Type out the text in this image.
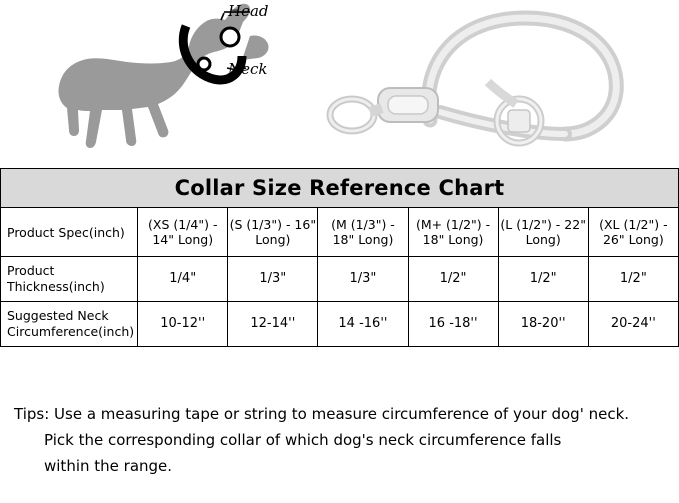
Head
Neck
Collar Size Reference Chart						
Product Spec(inch)	(XS (1/4") - 14" Long)	(S (1/3") - 16" Long)	(M (1/3") - 18" Long)	(M+ (1/2") - 18" Long)	(L (1/2") - 22" Long)	(XL (1/2") - 26" Long)
Product Thickness(inch)	1/4"	1/3"	1/3"	1/2"	1/2"	1/2"
Suggested Neck Circumference(inch)	10-12''	12-14''	14 -16''	16 -18''	18-20''	20-24''
Tips: Use a measuring tape or string to measure circumference of your dog' neck.
Pick the corresponding collar of which dog's neck circumference falls
within the range.
